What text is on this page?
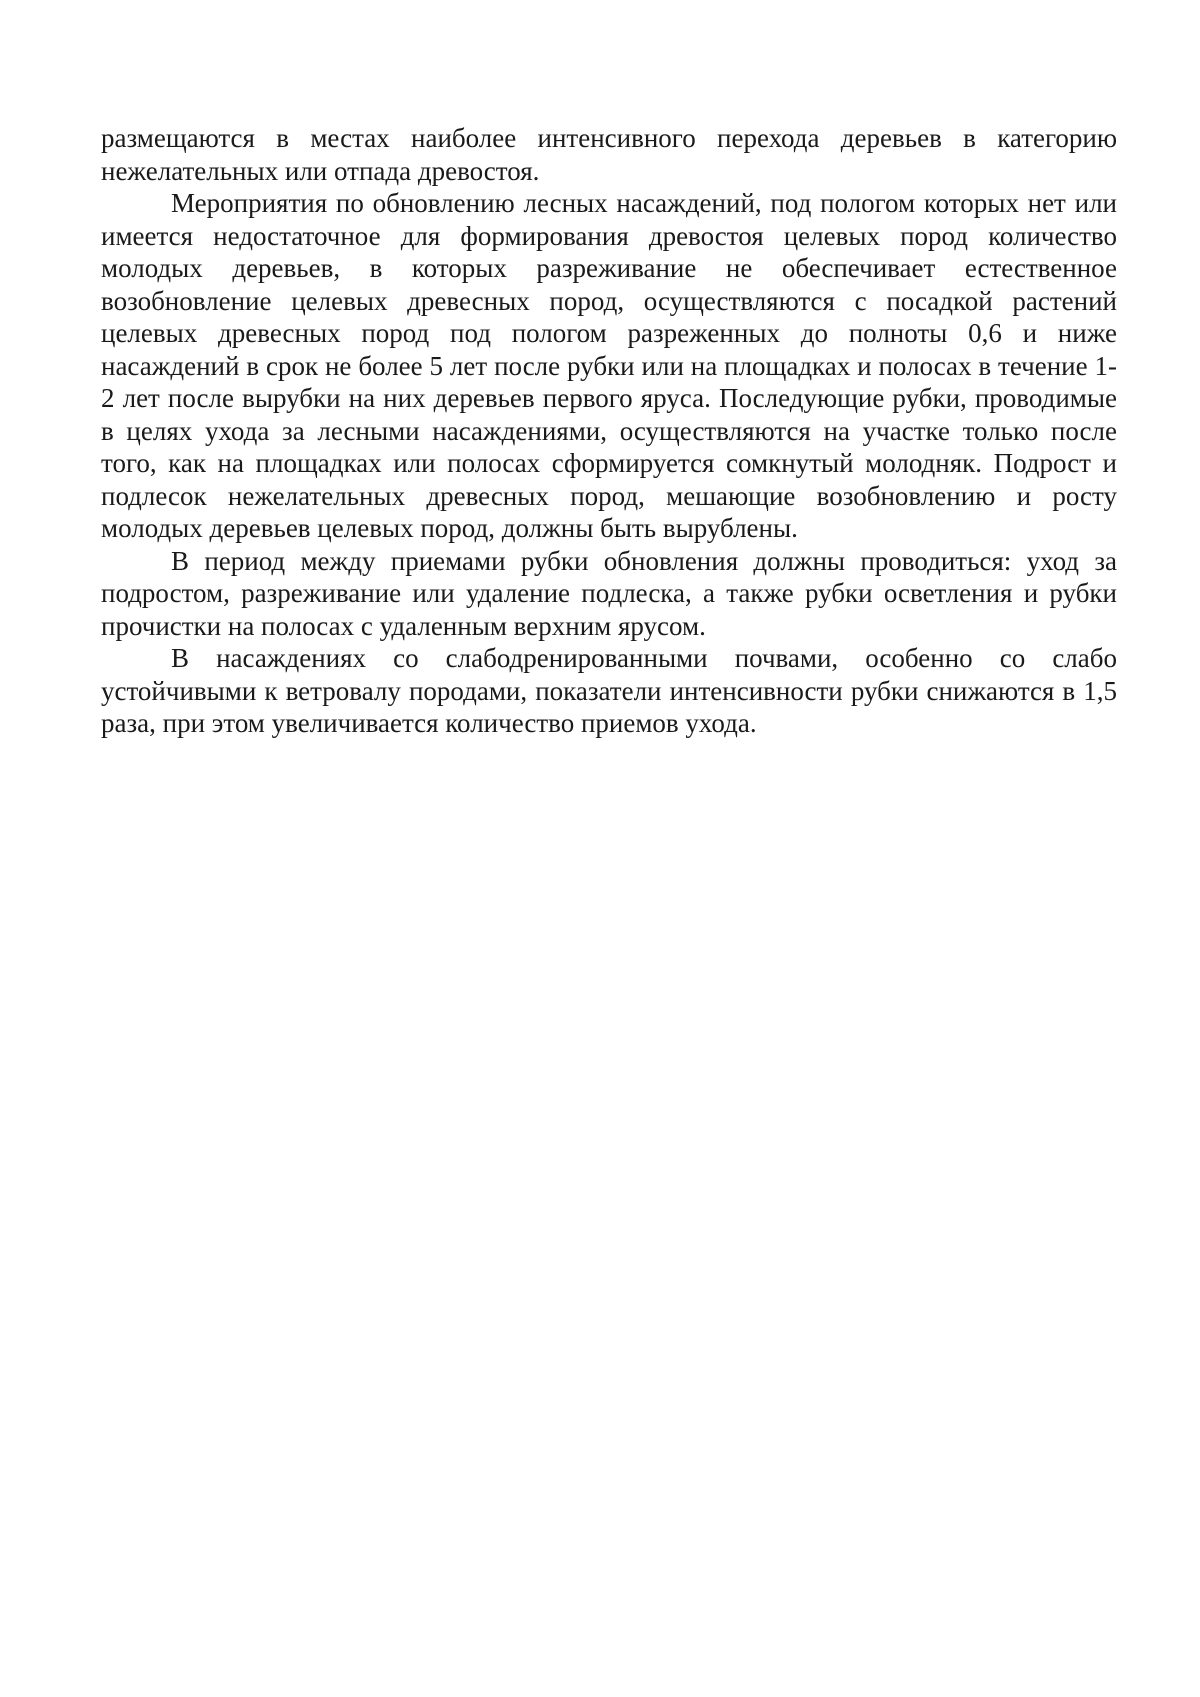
размещаются в местах наиболее интенсивного перехода деревьев в категорию нежелательных или отпада древостоя.

Мероприятия по обновлению лесных насаждений, под пологом которых нет или имеется недостаточное для формирования древостоя целевых пород количество молодых деревьев, в которых разреживание не обеспечивает естественное возобновление целевых древесных пород, осуществляются с посадкой растений целевых древесных пород под пологом разреженных до полноты 0,6 и ниже насаждений в срок не более 5 лет после рубки или на площадках и полосах в течение 1-2 лет после вырубки на них деревьев первого яруса. Последующие рубки, проводимые в целях ухода за лесными насаждениями, осуществляются на участке только после того, как на площадках или полосах сформируется сомкнутый молодняк. Подрост и подлесок нежелательных древесных пород, мешающие возобновлению и росту молодых деревьев целевых пород, должны быть вырублены.

В период между приемами рубки обновления должны проводиться: уход за подростом, разреживание или удаление подлеска, а также рубки осветления и рубки прочистки на полосах с удаленным верхним ярусом.

В насаждениях со слабодренированными почвами, особенно со слабо устойчивыми к ветровалу породами, показатели интенсивности рубки снижаются в 1,5 раза, при этом увеличивается количество приемов ухода.
